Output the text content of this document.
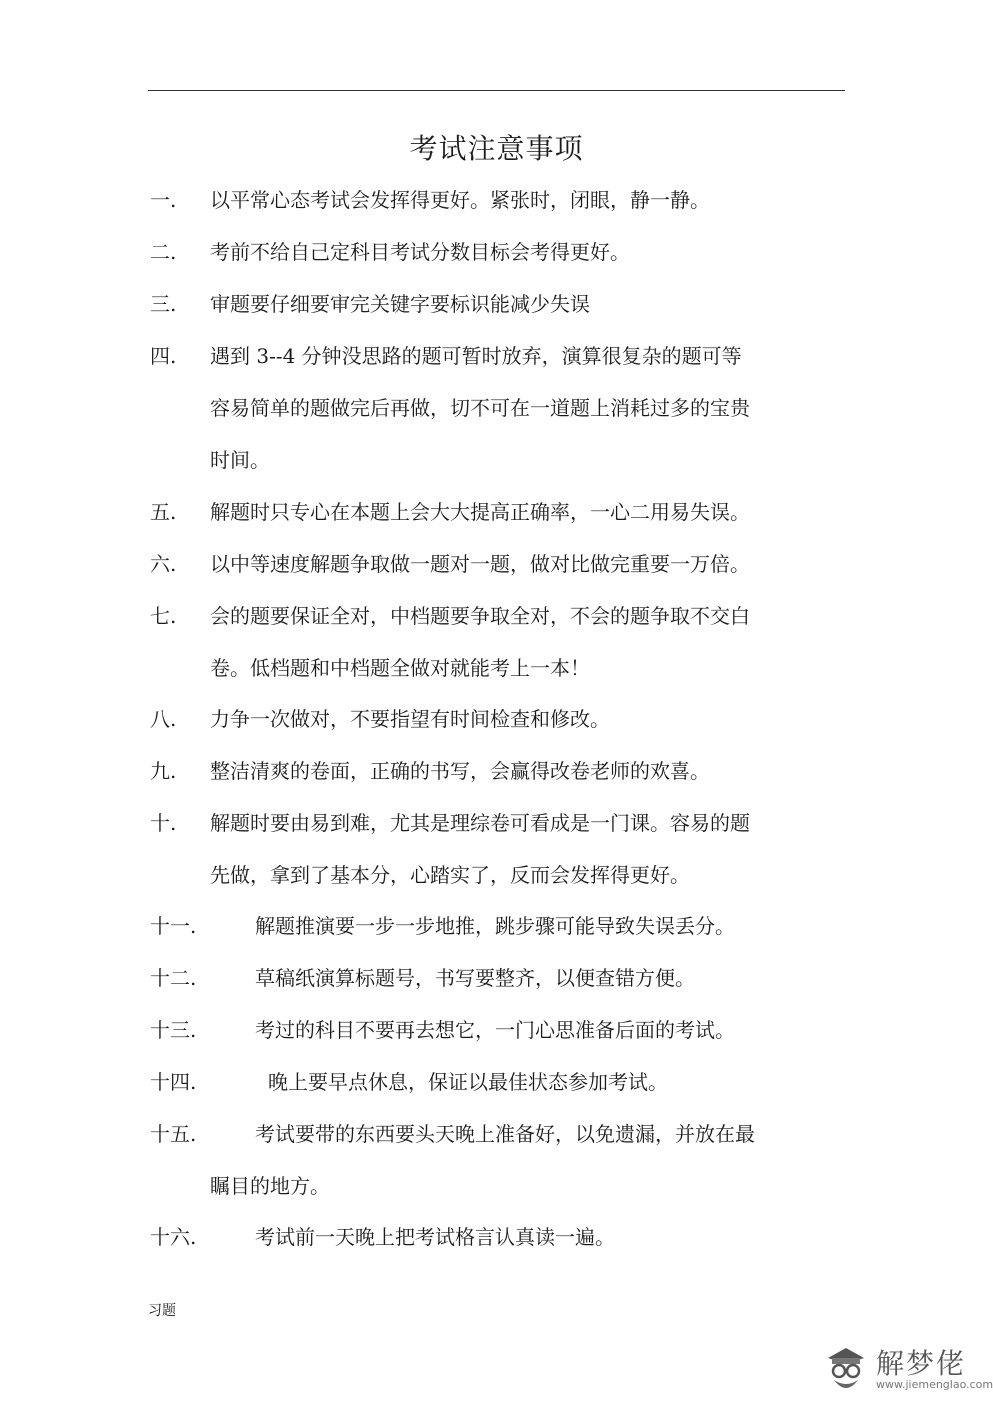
考试注意事项
一. 以平常心态考试会发挥得更好。紧张时，闭眼，静一静。
二. 考前不给自己定科目考试分数目标会考得更好。
三. 审题要仔细要审完关键字要标识能减少失误
四. 遇到 3--4 分钟没思路的题可暂时放弃，演算很复杂的题可等
容易简单的题做完后再做，切不可在一道题上消耗过多的宝贵
时间。
五. 解题时只专心在本题上会大大提高正确率，一心二用易失误。
六. 以中等速度解题争取做一题对一题，做对比做完重要一万倍。
七. 会的题要保证全对，中档题要争取全对，不会的题争取不交白
卷。低档题和中档题全做对就能考上一本！
八. 力争一次做对，不要指望有时间检查和修改。
九. 整洁清爽的卷面，正确的书写，会赢得改卷老师的欢喜。
十. 解题时要由易到难，尤其是理综卷可看成是一门课。容易的题
先做，拿到了基本分，心踏实了，反而会发挥得更好。
十一.	解题推演要一步一步地推，跳步骤可能导致失误丢分。
十二.	草稿纸演算标题号，书写要整齐，以便查错方便。
十三.	考过的科目不要再去想它，一门心思准备后面的考试。
十四.	晚上要早点休息，保证以最佳状态参加考试。
十五.	考试要带的东西要头天晚上准备好，以免遗漏，并放在最
瞩目的地方。
十六.	考试前一天晚上把考试格言认真读一遍。
习题
解梦佬
www.jiemenglao.com
